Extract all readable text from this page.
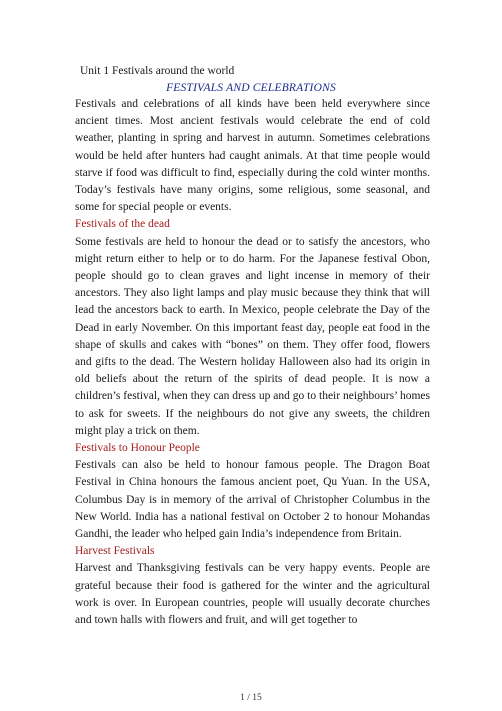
Unit 1 Festivals around the world
FESTIVALS AND CELEBRATIONS

Festivals and celebrations of all kinds have been held everywhere since ancient times. Most ancient festivals would celebrate the end of cold weather, planting in spring and harvest in autumn. Sometimes celebrations would be held after hunters had caught animals. At that time people would starve if food was difficult to find, especially during the cold winter months. Today’s festivals have many origins, some religious, some seasonal, and some for special people or events.

Festivals of the dead

Some festivals are held to honour the dead or to satisfy the ancestors, who might return either to help or to do harm. For the Japanese festival Obon, people should go to clean graves and light incense in memory of their ancestors. They also light lamps and play music because they think that will lead the ancestors back to earth. In Mexico, people celebrate the Day of the Dead in early November. On this important feast day, people eat food in the shape of skulls and cakes with “bones” on them. They offer food, flowers and gifts to the dead. The Western holiday Halloween also had its origin in old beliefs about the return of the spirits of dead people. It is now a children’s festival, when they can dress up and go to their neighbours’ homes to ask for sweets. If the neighbours do not give any sweets, the children might play a trick on them.

Festivals to Honour People

Festivals can also be held to honour famous people. The Dragon Boat Festival in China honours the famous ancient poet, Qu Yuan. In the USA, Columbus Day is in memory of the arrival of Christopher Columbus in the New World. India has a national festival on October 2 to honour Mohandas Gandhi, the leader who helped gain India’s independence from Britain.

Harvest Festivals

Harvest and Thanksgiving festivals can be very happy events. People are grateful because their food is gathered for the winter and the agricultural work is over. In European countries, people will usually decorate churches and town halls with flowers and fruit, and will get together to

1 / 15
